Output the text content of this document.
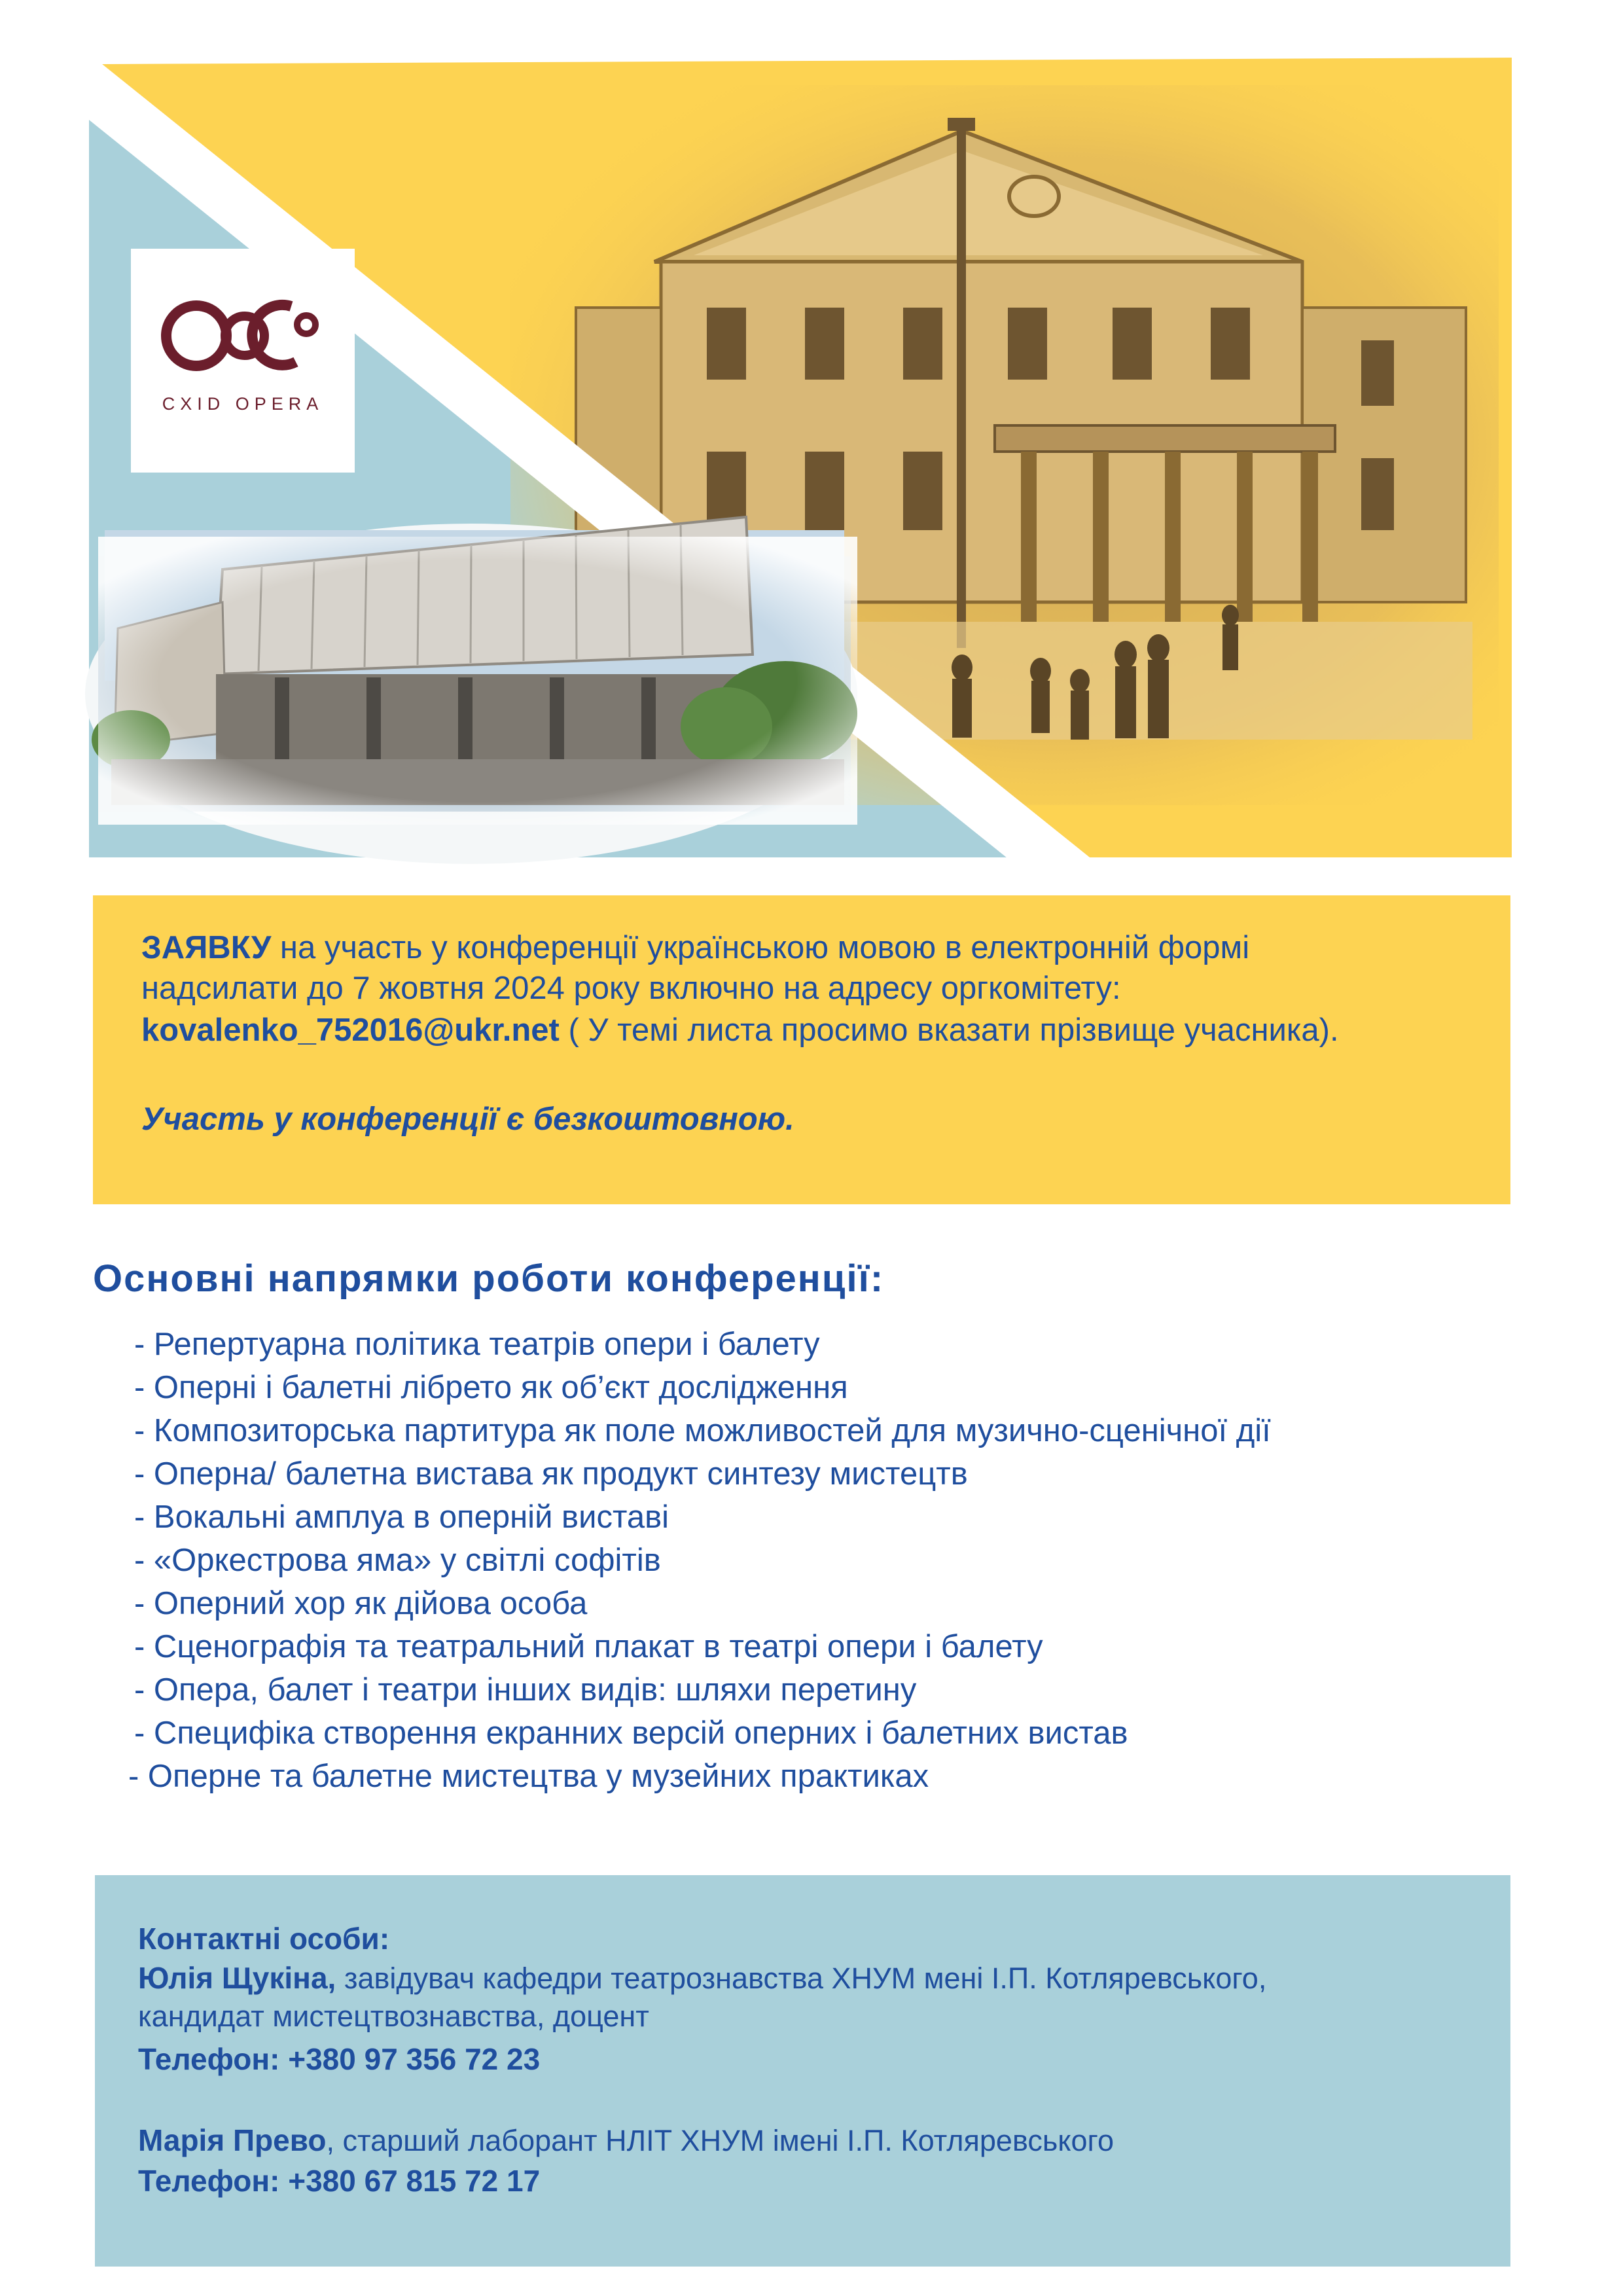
CXID OPERA
ЗАЯВКУ на участь у конференції українською мовою в електронній формі
надсилати до 7 жовтня 2024 року включно на адресу оргкомітету:
kovalenko_752016@ukr.net ( У темі листа просимо вказати прізвище учасника).
Участь у конференції є безкоштовною.
Основні напрямки роботи конференції:
- Репертуарна політика театрів опери і балету
- Оперні і балетні лібрето як об’єкт дослідження
- Композиторська партитура як поле можливостей для музично-сценічної дії
- Оперна/ балетна вистава як продукт синтезу мистецтв
- Вокальні амплуа в оперній виставі
- «Оркестрова яма» у світлі софітів
- Оперний хор як дійова особа
- Сценографія та театральний плакат в театрі опери і балету
- Опера, балет і театри інших видів: шляхи перетину
- Специфіка створення екранних версій оперних і балетних вистав
- Оперне та балетне мистецтва у музейних практиках
Контактні особи:
Юлія Щукіна, завідувач кафедри театрознавства ХНУМ мені І.П. Котляревського,
кандидат мистецтвознавства, доцент
Телефон: +380 97 356 72 23
Марія Прево, старший лаборант НЛІТ ХНУМ імені І.П. Котляревського
Телефон: +380 67 815 72 17
